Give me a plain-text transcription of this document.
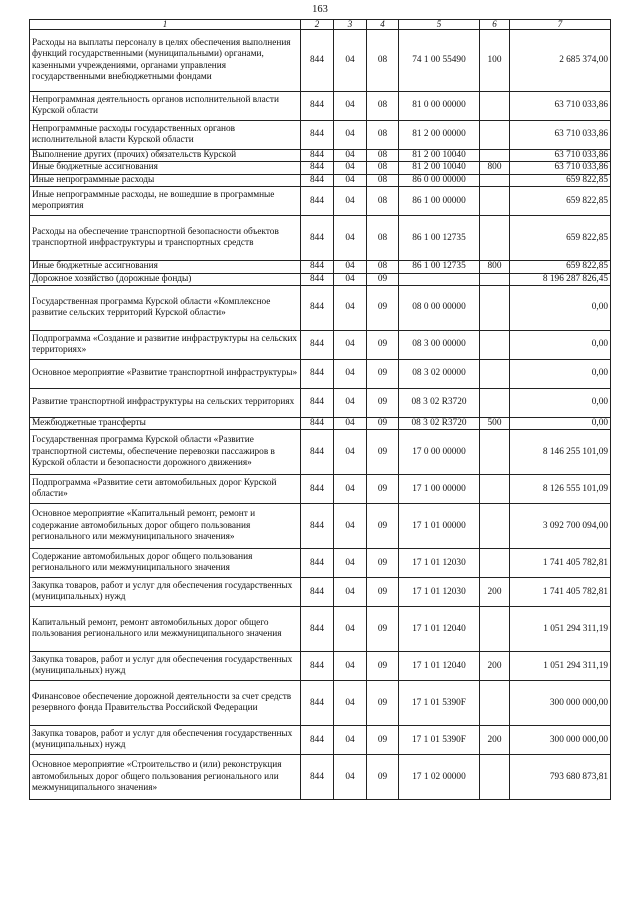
163
1	2	3	4	5	6	7
Расходы на выплаты персоналу в целях обеспечения выполнения функций государственными (муниципальными) органами, казенными учреждениями, органами управления государственными внебюджетными фондами	844	04	08	74 1 00 55490	100	2 685 374,00
Непрограммная деятельность органов исполнительной власти Курской области	844	04	08	81 0 00 00000		63 710 033,86
Непрограммные расходы государственных органов исполнительной власти Курской области	844	04	08	81 2 00 00000		63 710 033,86
Выполнение других (прочих) обязательств Курской	844	04	08	81 2 00 10040		63 710 033,86
Иные бюджетные ассигнования	844	04	08	81 2 00 10040	800	63 710 033,86
Иные непрограммные расходы	844	04	08	86 0 00 00000		659 822,85
Иные непрограммные расходы, не вошедшие в программные мероприятия	844	04	08	86 1 00 00000		659 822,85
Расходы на обеспечение транспортной безопасности объектов транспортной инфраструктуры и транспортных средств	844	04	08	86 1 00 12735		659 822,85
Иные бюджетные ассигнования	844	04	08	86 1 00 12735	800	659 822,85
Дорожное хозяйство (дорожные фонды)	844	04	09			8 196 287 826,45
Государственная программа Курской области «Комплексное развитие сельских территорий Курской области»	844	04	09	08 0 00 00000		0,00
Подпрограмма «Создание и развитие инфраструктуры на сельских территориях»	844	04	09	08 3 00 00000		0,00
Основное мероприятие «Развитие транспортной инфраструктуры»	844	04	09	08 3 02 00000		0,00
Развитие транспортной инфраструктуры на сельских территориях	844	04	09	08 3 02 R3720		0,00
Межбюджетные трансферты	844	04	09	08 3 02 R3720	500	0,00
Государственная программа Курской области «Развитие транспортной системы, обеспечение перевозки пассажиров в Курской области и безопасности дорожного движения»	844	04	09	17 0 00 00000		8 146 255 101,09
Подпрограмма «Развитие сети автомобильных дорог Курской области»	844	04	09	17 1 00 00000		8 126 555 101,09
Основное мероприятие «Капитальный ремонт, ремонт и содержание автомобильных дорог общего пользования регионального или межмуниципального значения»	844	04	09	17 1 01 00000		3 092 700 094,00
Содержание автомобильных дорог общего пользования регионального или межмуниципального значения	844	04	09	17 1 01 12030		1 741 405 782,81
Закупка товаров, работ и услуг для обеспечения государственных (муниципальных) нужд	844	04	09	17 1 01 12030	200	1 741 405 782,81
Капитальный ремонт, ремонт автомобильных дорог общего пользования регионального или межмуниципального значения	844	04	09	17 1 01 12040		1 051 294 311,19
Закупка товаров, работ и услуг для обеспечения государственных (муниципальных) нужд	844	04	09	17 1 01 12040	200	1 051 294 311,19
Финансовое обеспечение дорожной деятельности за счет средств резервного фонда Правительства Российской Федерации	844	04	09	17 1 01 5390F		300 000 000,00
Закупка товаров, работ и услуг для обеспечения государственных (муниципальных) нужд	844	04	09	17 1 01 5390F	200	300 000 000,00
Основное мероприятие «Строительство и (или) реконструкция автомобильных дорог общего пользования регионального или межмуниципального значения»	844	04	09	17 1 02 00000		793 680 873,81
